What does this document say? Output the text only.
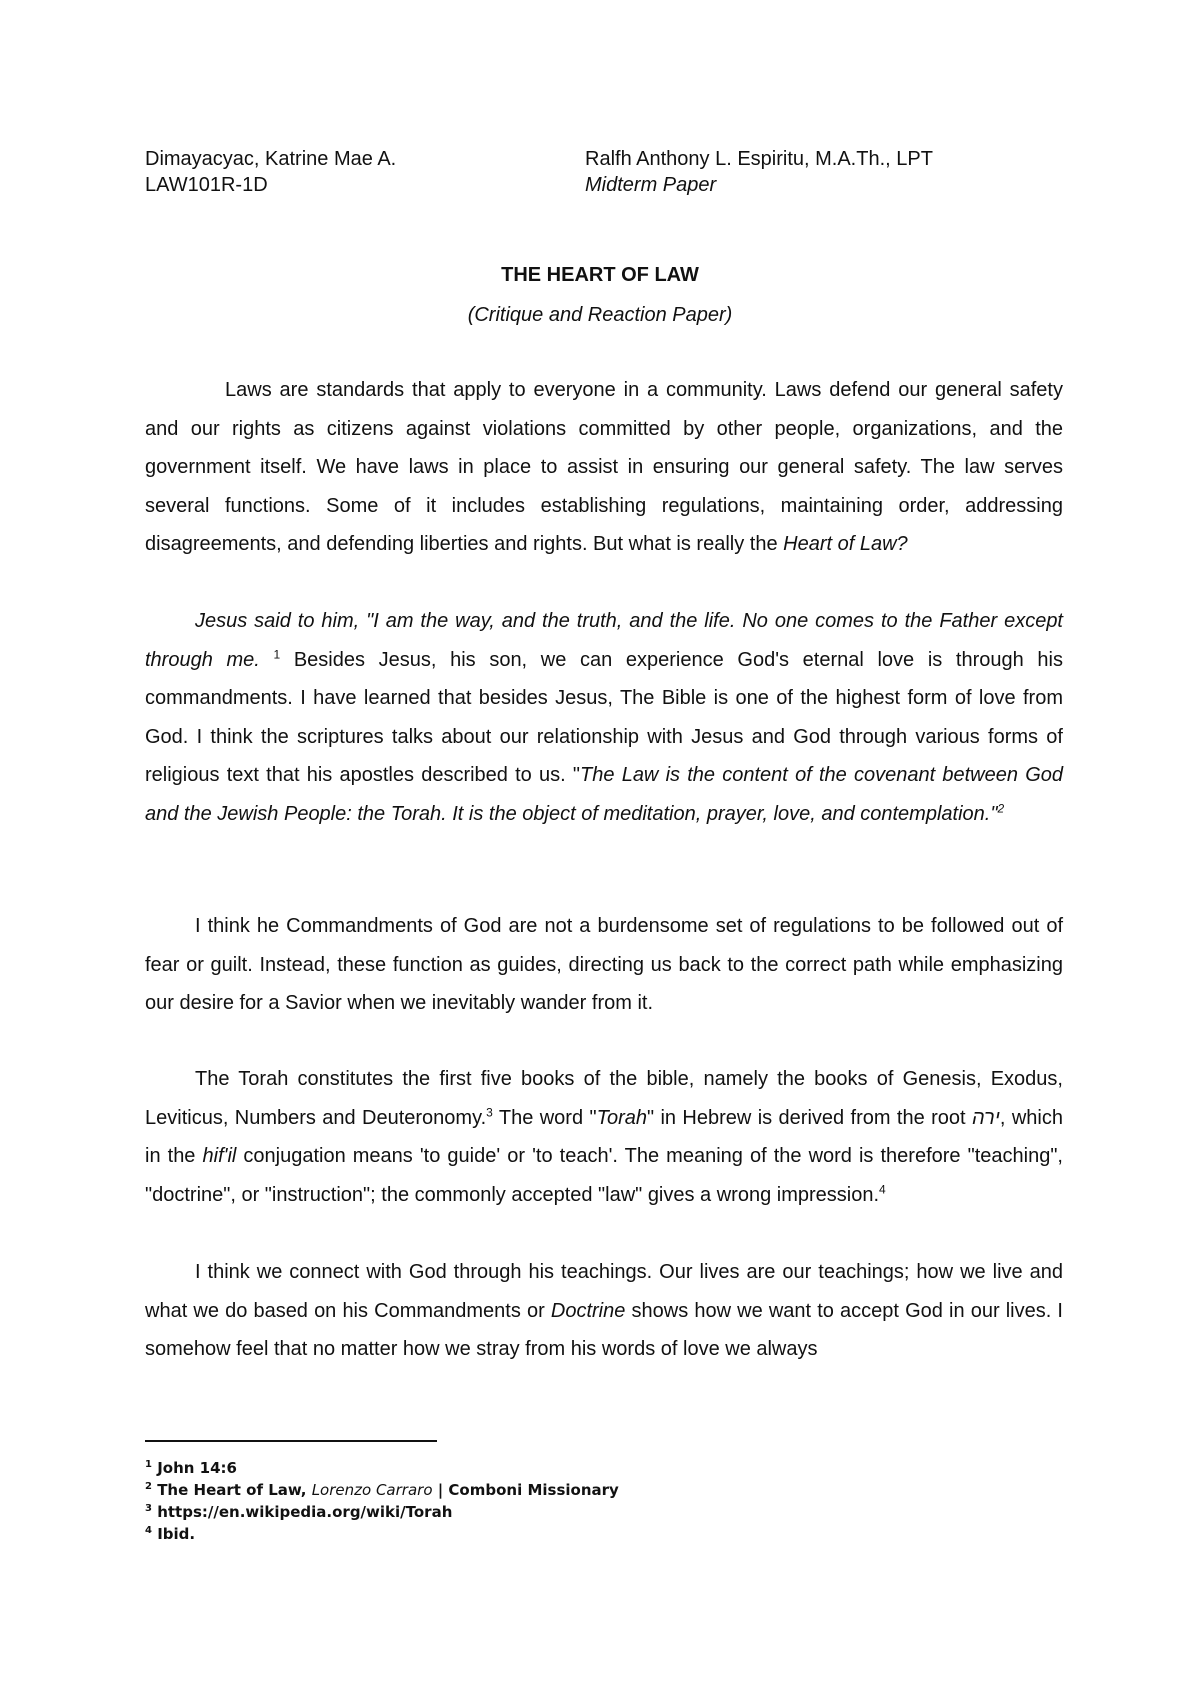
Dimayacyac, Katrine Mae A.
LAW101R-1D
Ralfh Anthony L. Espiritu, M.A.Th., LPT
Midterm Paper
THE HEART OF LAW
(Critique and Reaction Paper)

Laws are standards that apply to everyone in a community. Laws defend our general safety and our rights as citizens against violations committed by other people, organizations, and the government itself. We have laws in place to assist in ensuring our general safety. The law serves several functions. Some of it includes establishing regulations, maintaining order, addressing disagreements, and defending liberties and rights. But what is really the Heart of Law?

Jesus said to him, "I am the way, and the truth, and the life. No one comes to the Father except through me. $^1$ Besides Jesus, his son, we can experience God's eternal love is through his commandments. I have learned that besides Jesus, The Bible is one of the highest form of love from God. I think the scriptures talks about our relationship with Jesus and God through various forms of religious text that his apostles described to us. "The Law is the content of the covenant between God and the Jewish People: the Torah. It is the object of meditation, prayer, love, and contemplation."$^2$

I think he Commandments of God are not a burdensome set of regulations to be followed out of fear or guilt. Instead, these function as guides, directing us back to the correct path while emphasizing our desire for a Savior when we inevitably wander from it.

The Torah constitutes the first five books of the bible, namely the books of Genesis, Exodus, Leviticus, Numbers and Deuteronomy.$^3$ The word "Torah" in Hebrew is derived from the root ירה, which in the hif'il conjugation means 'to guide' or 'to teach'. The meaning of the word is therefore "teaching", "doctrine", or "instruction"; the commonly accepted "law" gives a wrong impression.$^4$

I think we connect with God through his teachings. Our lives are our teachings; how we live and what we do based on his Commandments or Doctrine shows how we want to accept God in our lives. I somehow feel that no matter how we stray from his words of love we always

$^1$ John 14:6
$^2$ The Heart of Law, Lorenzo Carraro | Comboni Missionary
$^3$ https://en.wikipedia.org/wiki/Torah
$^4$ Ibid.
